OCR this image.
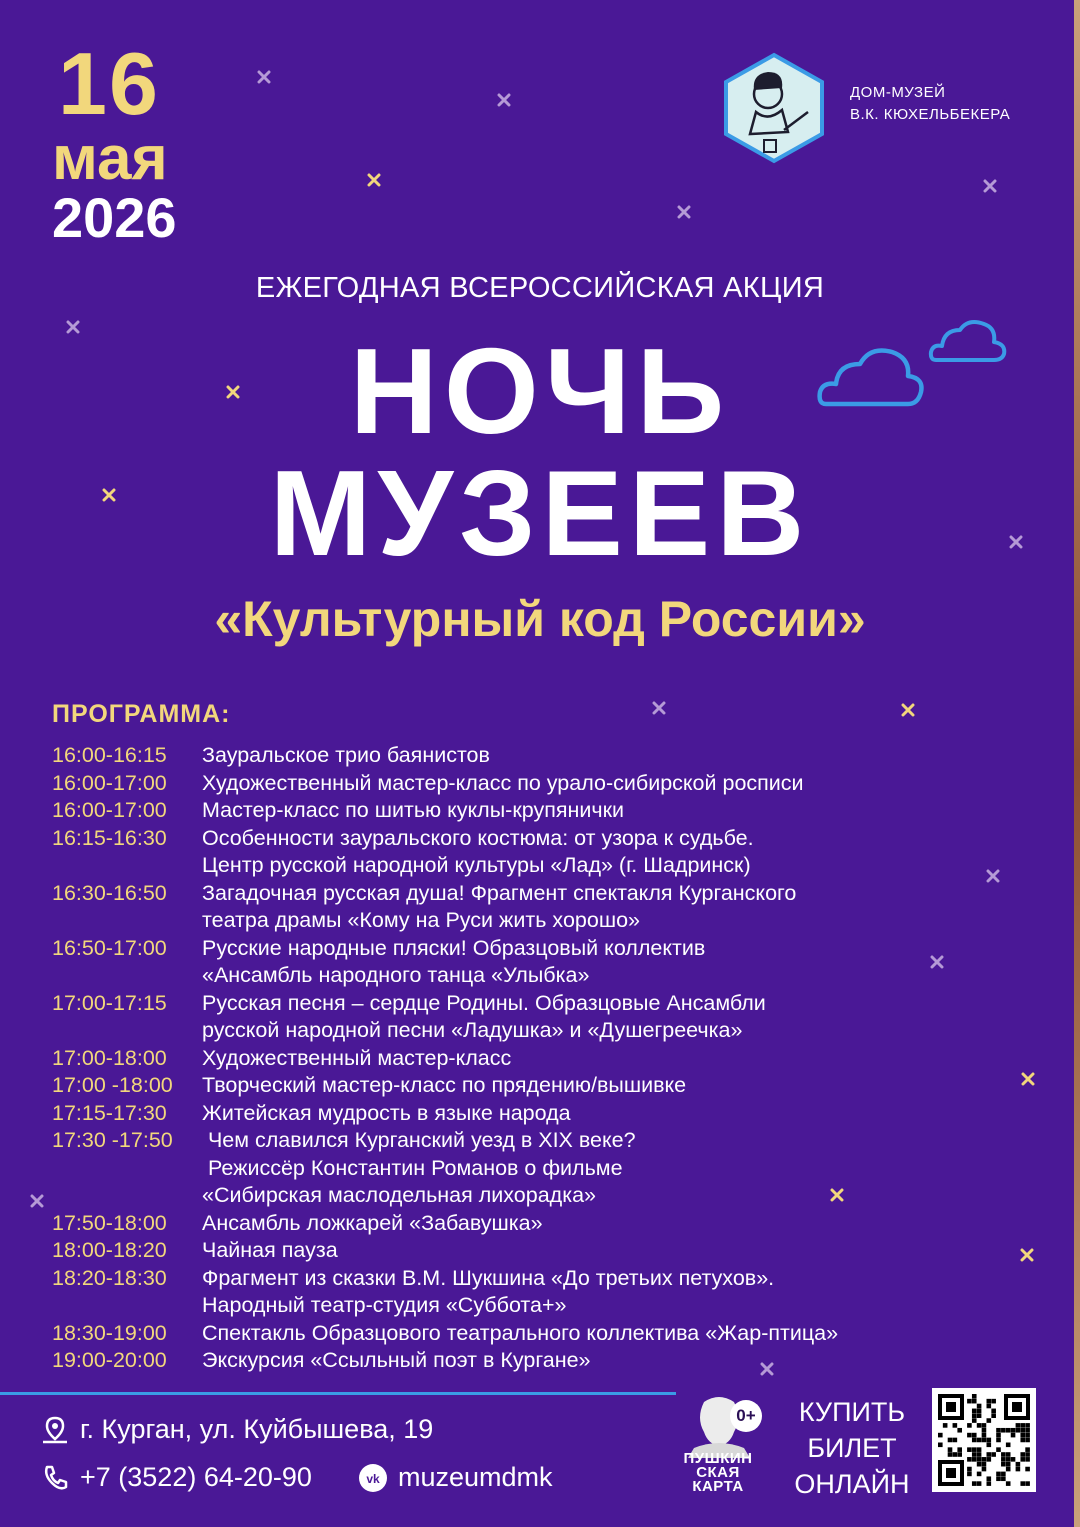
16
мая
2026
ДОМ-МУЗЕЙ
В.К. КЮХЕЛЬБЕКЕРА
ЕЖЕГОДНАЯ ВСЕРОССИЙСКАЯ АКЦИЯ
НОЧЬ
МУЗЕЕВ
«Культурный код России»
ПРОГРАММА:
16:00-16:15	Зауральское трио баянистов
16:00-17:00	Художественный мастер-класс по урало-сибирской росписи
16:00-17:00	Мастер-класс по шитью куклы-крупянички
16:15-16:30	Особенности зауральского костюма: от узора к судьбе.
Центр русской народной культуры «Лад» (г. Шадринск)
16:30-16:50	Загадочная русская душа! Фрагмент спектакля Курганского
театра драмы «Кому на Руси жить хорошо»
16:50-17:00	Русские народные пляски! Образцовый коллектив
«Ансамбль народного танца «Улыбка»
17:00-17:15	Русская песня – сердце Родины. Образцовые Ансамбли
русской народной песни «Ладушка» и «Душегреечка»
17:00-18:00	Художественный мастер-класс
17:00 -18:00	Творческий мастер-класс по прядению/вышивке
17:15-17:30	Житейская мудрость в языке народа
17:30 -17:50	Чем славился Курганский уезд в XIX веке?
Режиссёр Константин Романов о фильме
«Сибирская маслодельная лихорадка»
17:50-18:00	Ансамбль ложкарей «Забавушка»
18:00-18:20	Чайная пауза
18:20-18:30	Фрагмент из сказки В.М. Шукшина «До третьих петухов».
Народный театр-студия «Суббота+»
18:30-19:00	Спектакль Образцового театрального коллектива «Жар-птица»
19:00-20:00	Экскурсия «Ссыльный поэт в Кургане»
г. Курган, ул. Куйбышева, 19
+7 (3522) 64-20-90	vk muzeumdmk
ПУШКИН
СКАЯ
КАРТА
0+	КУПИТЬ
БИЛЕТ
ОНЛАЙН
